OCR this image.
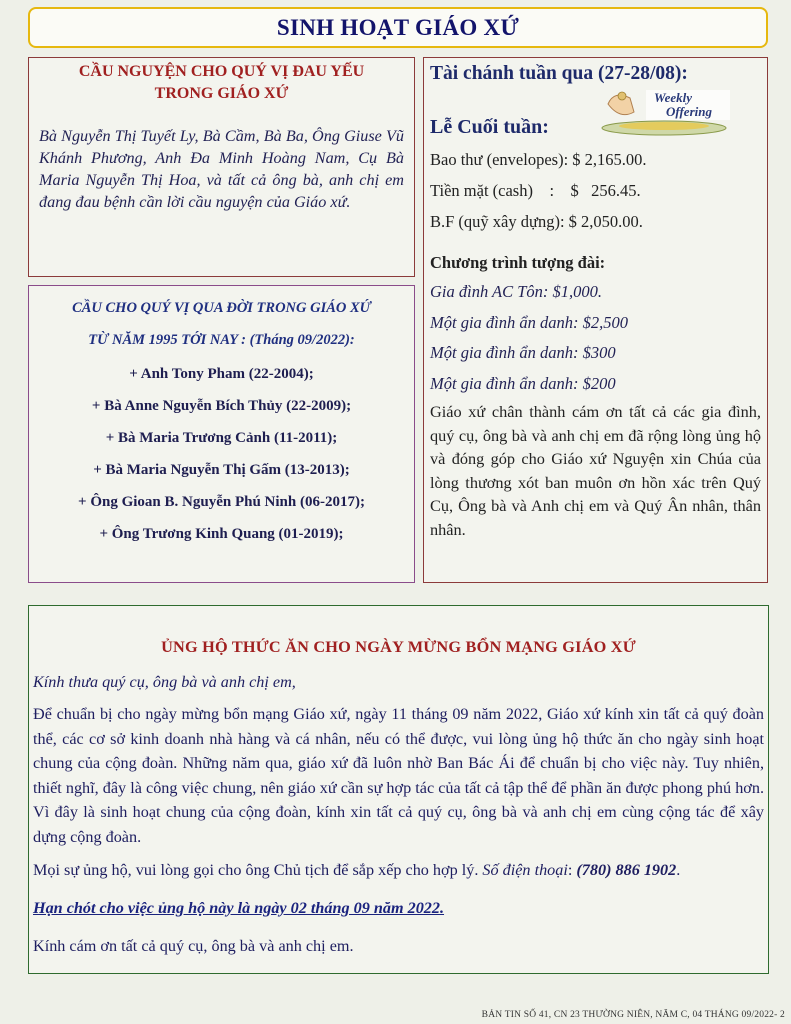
SINH HOẠT GIÁO XỨ
CẦU NGUYỆN CHO QUÝ VỊ ĐAU YẾU
TRONG GIÁO XỨ
Bà Nguyễn Thị Tuyết Ly, Bà Cầm, Bà Ba, Ông Giuse Vũ Khánh Phương, Anh Đa Minh Hoàng Nam, Cụ Bà Maria Nguyễn Thị Hoa, và tất cả ông bà, anh chị em đang đau bệnh cần lời cầu nguyện của Giáo xứ.
CẦU CHO QUÝ VỊ QUA ĐỜI TRONG GIÁO XỨ
TỪ NĂM 1995 TỚI NAY : (Tháng 09/2022):
+ Anh Tony Pham (22-2004);
+ Bà Anne Nguyễn Bích Thủy (22-2009);
+ Bà Maria Trương Cảnh (11-2011);
+ Bà Maria Nguyễn Thị Gấm (13-2013);
+ Ông Gioan B. Nguyễn Phú Ninh (06-2017);
+ Ông Trương Kinh Quang (01-2019);
Tài chánh tuần qua (27-28/08):
Weekly
Offering
Lễ Cuối tuần:
Bao thư (envelopes): $ 2,165.00.
Tiền mặt (cash)    : $   256.45.
B.F (quỹ xây dựng): $ 2,050.00.
Chương trình tượng đài:
Gia đình AC Tôn: $1,000.
Một gia đình ẩn danh: $2,500
Một gia đình ẩn danh: $300
Một gia đình ẩn danh: $200
Giáo xứ chân thành cám ơn tất cả các gia đình, quý cụ, ông bà và anh chị em đã rộng lòng ủng hộ và đóng góp cho Giáo xứ Nguyện xin Chúa của lòng thương xót ban muôn ơn hồn xác trên Quý Cụ, Ông bà và Anh chị em và Quý Ân nhân, thân nhân.
ỦNG HỘ THỨC ĂN CHO NGÀY MỪNG BỔN MẠNG GIÁO XỨ
Kính thưa quý cụ, ông bà và anh chị em,
Để chuẩn bị cho ngày mừng bổn mạng Giáo xứ, ngày 11 tháng 09 năm 2022, Giáo xứ kính xin tất cả quý đoàn thể, các cơ sở kinh doanh nhà hàng và cá nhân, nếu có thể được, vui lòng ủng hộ thức ăn cho ngày sinh hoạt chung của cộng đoàn. Những năm qua, giáo xứ đã luôn nhờ Ban Bác Ái để chuẩn bị cho việc này. Tuy nhiên, thiết nghĩ, đây là công việc chung, nên giáo xứ cần sự hợp tác của tất cả tập thể để phần ăn được phong phú hơn. Vì đây là sinh hoạt chung của cộng đoàn, kính xin tất cả quý cụ, ông bà và anh chị em cùng cộng tác để xây dựng cộng đoàn.
Mọi sự ủng hộ, vui lòng gọi cho ông Chủ tịch để sắp xếp cho hợp lý. Số điện thoại: (780) 886 1902.
Hạn chót cho việc ủng hộ này là ngày 02 tháng 09 năm 2022.
Kính cám ơn tất cả quý cụ, ông bà và anh chị em.
BẢN TIN SỐ 41, CN 23 THƯỜNG NIÊN, NĂM C, 04 THÁNG 09/2022- 2
